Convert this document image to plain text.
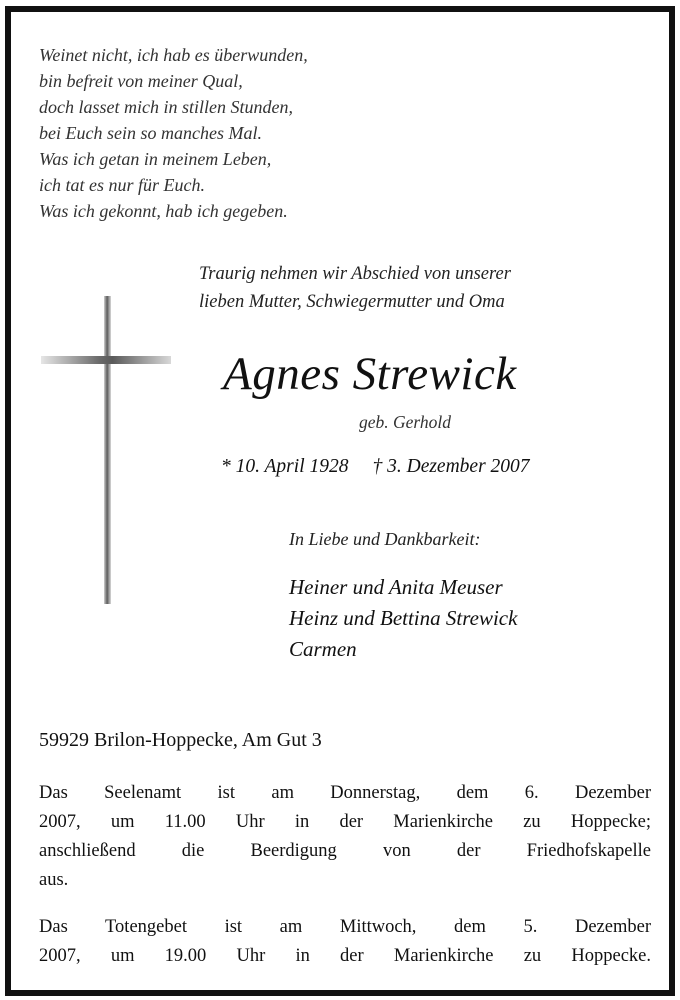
Weinet nicht, ich hab es überwunden,
bin befreit von meiner Qual,
doch lasset mich in stillen Stunden,
bei Euch sein so manches Mal.
Was ich getan in meinem Leben,
ich tat es nur für Euch.
Was ich gekonnt, hab ich gegeben.
Traurig nehmen wir Abschied von unserer
lieben Mutter, Schwiegermutter und Oma
Agnes Strewick
geb. Gerhold
* 10. April 1928 † 3. Dezember 2007
In Liebe und Dankbarkeit:
Heiner und Anita Meuser
Heinz und Bettina Strewick
Carmen
59929 Brilon-Hoppecke, Am Gut 3
Das Seelenamt ist am Donnerstag, dem 6. Dezember
2007, um 11.00 Uhr in der Marienkirche zu Hoppecke;
anschließend die Beerdigung von der Friedhofskapelle
aus.
Das Totengebet ist am Mittwoch, dem 5. Dezember
2007, um 19.00 Uhr in der Marienkirche zu Hoppecke.
